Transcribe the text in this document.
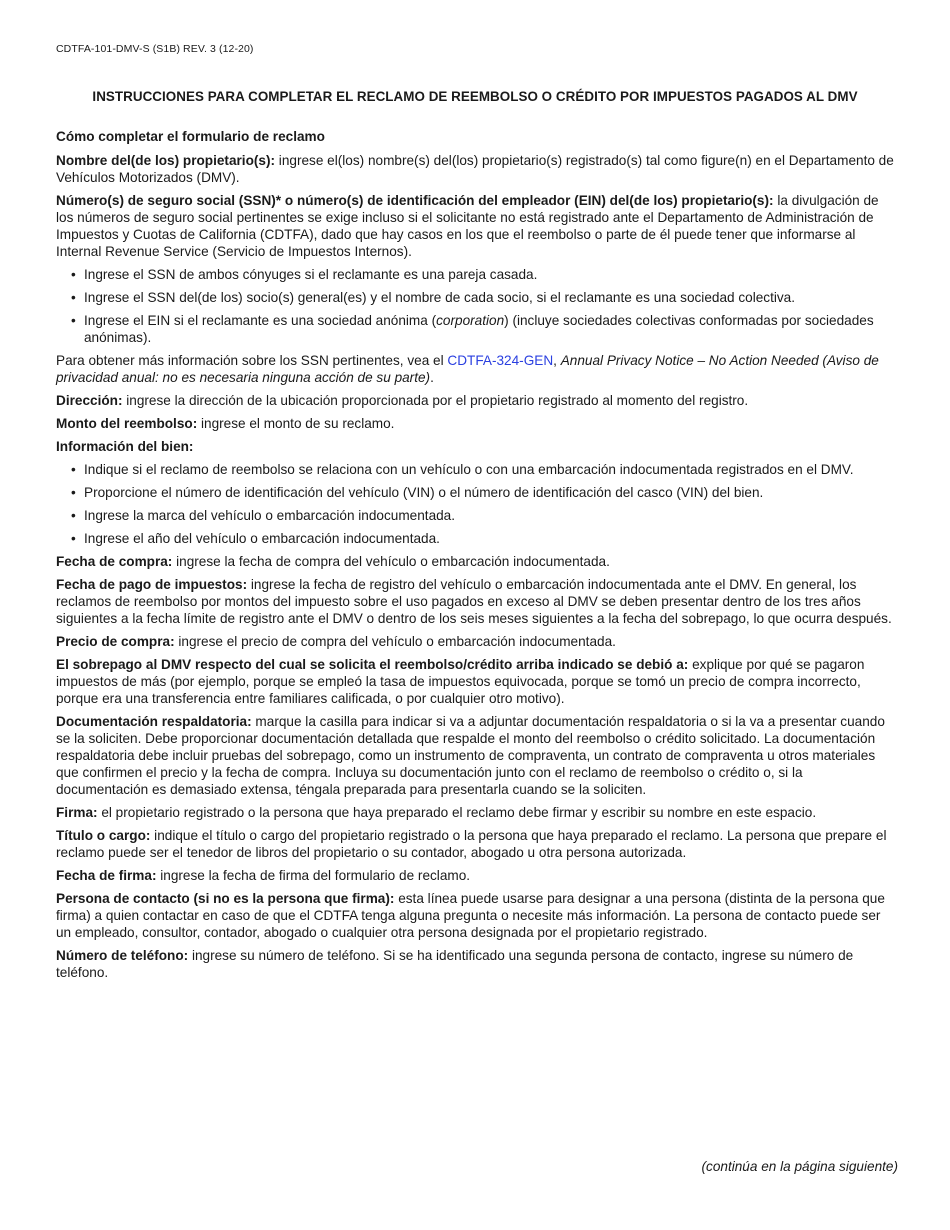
CDTFA-101-DMV-S (S1B) REV. 3 (12-20)
INSTRUCCIONES PARA COMPLETAR EL RECLAMO DE REEMBOLSO O CRÉDITO POR IMPUESTOS PAGADOS AL DMV

Cómo completar el formulario de reclamo

Nombre del(de los) propietario(s): ingrese el(los) nombre(s) del(los) propietario(s) registrado(s) tal como figure(n) en el Departamento de Vehículos Motorizados (DMV).

Número(s) de seguro social (SSN)* o número(s) de identificación del empleador (EIN) del(de los) propietario(s): la divulgación de los números de seguro social pertinentes se exige incluso si el solicitante no está registrado ante el Departamento de Administración de Impuestos y Cuotas de California (CDTFA), dado que hay casos en los que el reembolso o parte de él puede tener que informarse al Internal Revenue Service (Servicio de Impuestos Internos).

• Ingrese el SSN de ambos cónyuges si el reclamante es una pareja casada.
• Ingrese el SSN del(de los) socio(s) general(es) y el nombre de cada socio, si el reclamante es una sociedad colectiva.
• Ingrese el EIN si el reclamante es una sociedad anónima (corporation) (incluye sociedades colectivas conformadas por sociedades anónimas).

Para obtener más información sobre los SSN pertinentes, vea el CDTFA-324-GEN, Annual Privacy Notice – No Action Needed (Aviso de privacidad anual: no es necesaria ninguna acción de su parte).

Dirección: ingrese la dirección de la ubicación proporcionada por el propietario registrado al momento del registro.

Monto del reembolso: ingrese el monto de su reclamo.

Información del bien:

• Indique si el reclamo de reembolso se relaciona con un vehículo o con una embarcación indocumentada registrados en el DMV.
• Proporcione el número de identificación del vehículo (VIN) o el número de identificación del casco (VIN) del bien.
• Ingrese la marca del vehículo o embarcación indocumentada.
• Ingrese el año del vehículo o embarcación indocumentada.

Fecha de compra: ingrese la fecha de compra del vehículo o embarcación indocumentada.

Fecha de pago de impuestos: ingrese la fecha de registro del vehículo o embarcación indocumentada ante el DMV. En general, los reclamos de reembolso por montos del impuesto sobre el uso pagados en exceso al DMV se deben presentar dentro de los tres años siguientes a la fecha límite de registro ante el DMV o dentro de los seis meses siguientes a la fecha del sobrepago, lo que ocurra después.

Precio de compra: ingrese el precio de compra del vehículo o embarcación indocumentada.

El sobrepago al DMV respecto del cual se solicita el reembolso/crédito arriba indicado se debió a: explique por qué se pagaron impuestos de más (por ejemplo, porque se empleó la tasa de impuestos equivocada, porque se tomó un precio de compra incorrecto, porque era una transferencia entre familiares calificada, o por cualquier otro motivo).

Documentación respaldatoria: marque la casilla para indicar si va a adjuntar documentación respaldatoria o si la va a presentar cuando se la soliciten. Debe proporcionar documentación detallada que respalde el monto del reembolso o crédito solicitado. La documentación respaldatoria debe incluir pruebas del sobrepago, como un instrumento de compraventa, un contrato de compraventa u otros materiales que confirmen el precio y la fecha de compra. Incluya su documentación junto con el reclamo de reembolso o crédito o, si la documentación es demasiado extensa, téngala preparada para presentarla cuando se la soliciten.

Firma: el propietario registrado o la persona que haya preparado el reclamo debe firmar y escribir su nombre en este espacio.

Título o cargo: indique el título o cargo del propietario registrado o la persona que haya preparado el reclamo. La persona que prepare el reclamo puede ser el tenedor de libros del propietario o su contador, abogado u otra persona autorizada.

Fecha de firma: ingrese la fecha de firma del formulario de reclamo.

Persona de contacto (si no es la persona que firma): esta línea puede usarse para designar a una persona (distinta de la persona que firma) a quien contactar en caso de que el CDTFA tenga alguna pregunta o necesite más información. La persona de contacto puede ser un empleado, consultor, contador, abogado o cualquier otra persona designada por el propietario registrado.

Número de teléfono: ingrese su número de teléfono. Si se ha identificado una segunda persona de contacto, ingrese su número de teléfono.

(continúa en la página siguiente)
